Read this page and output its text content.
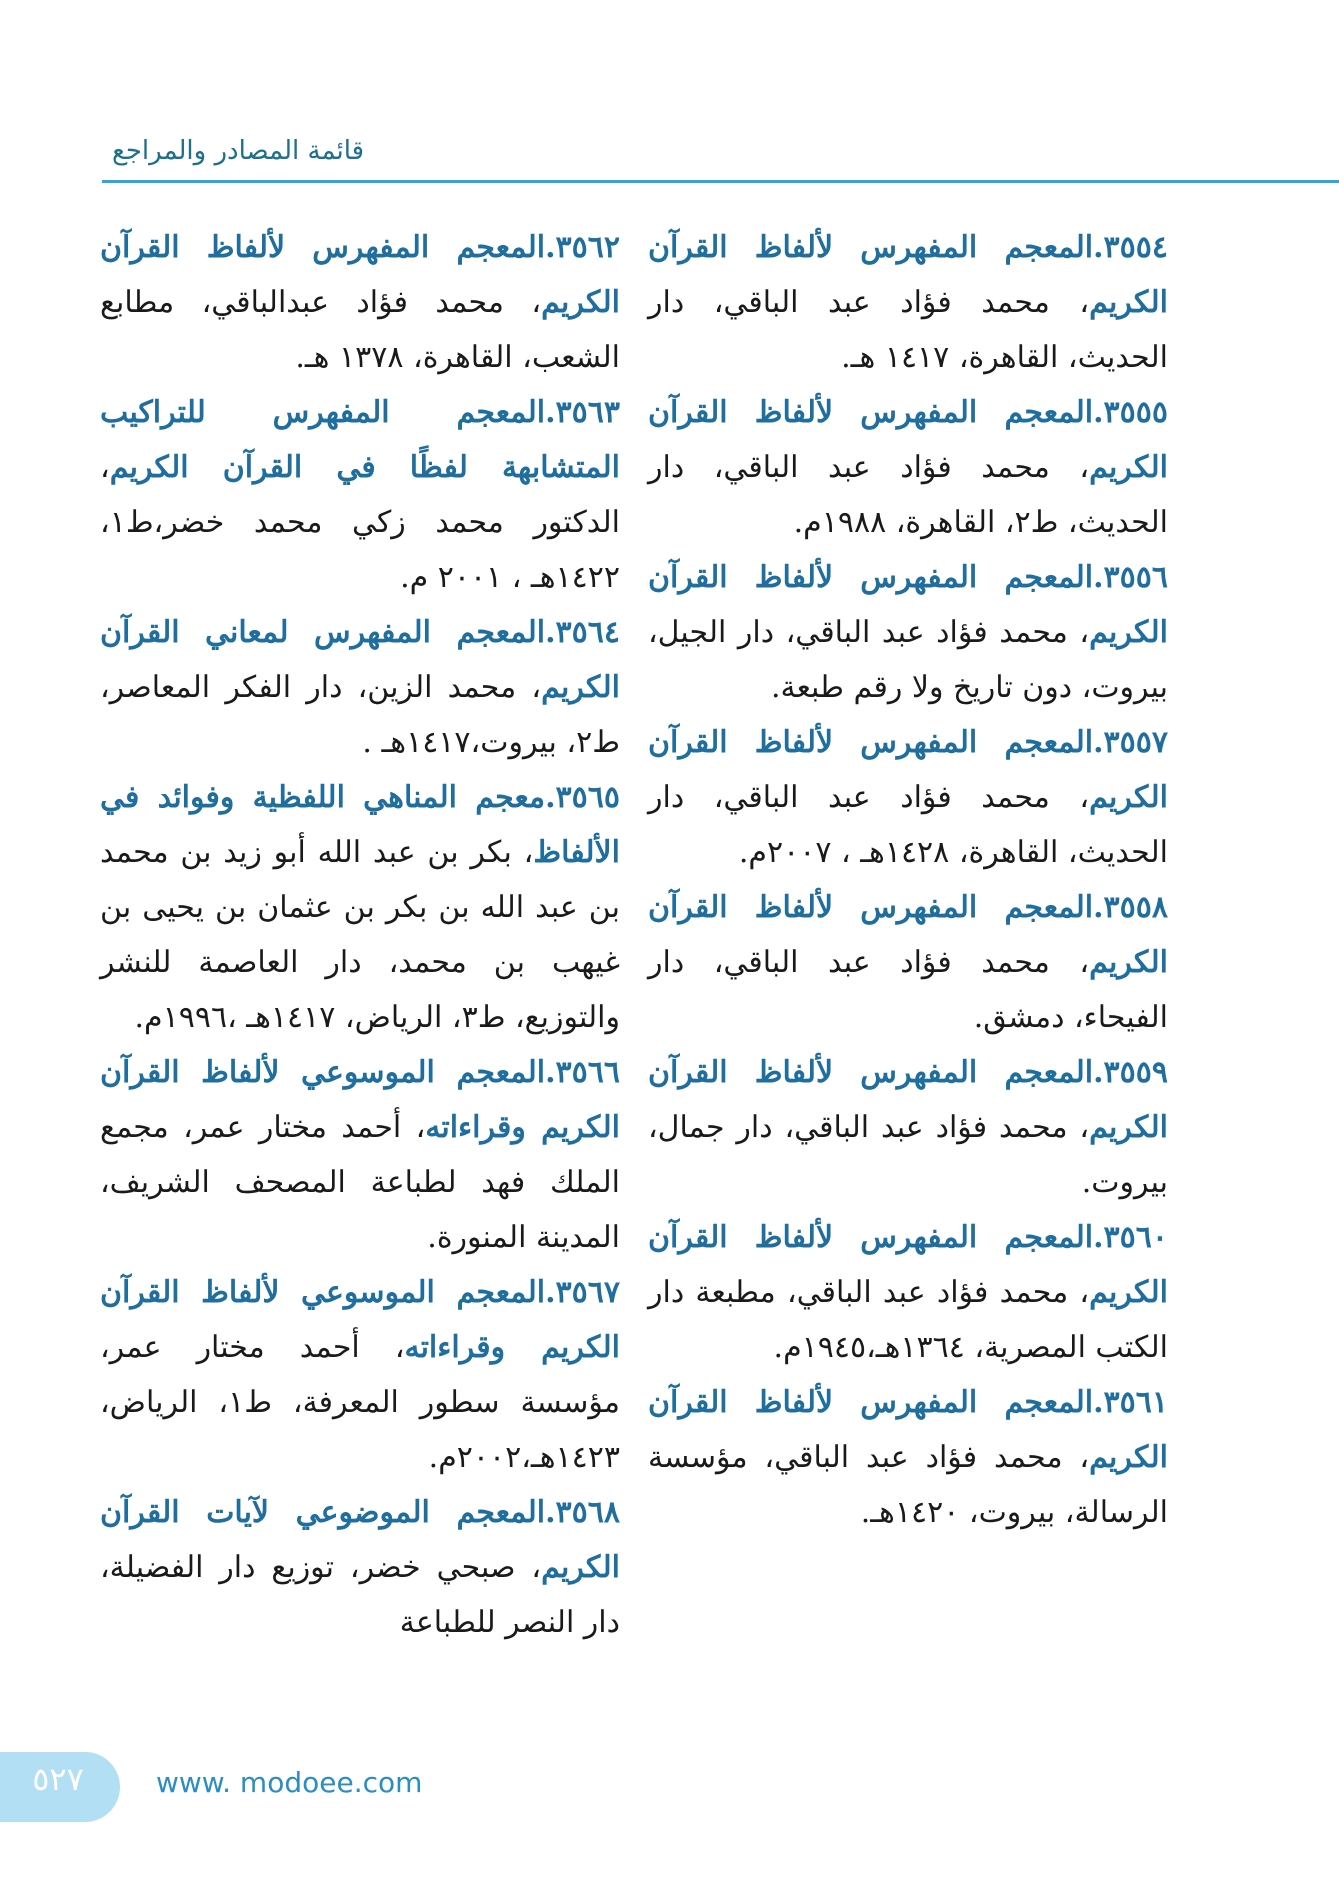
قائمة المصادر والمراجع
٣٥٥٤.المعجم المفهرس لألفاظ القرآن الكريم، محمد فؤاد عبد الباقي، دار الحديث، القاهرة، ١٤١٧ هـ.
٣٥٥٥.المعجم المفهرس لألفاظ القرآن الكريم، محمد فؤاد عبد الباقي، دار الحديث، ط٢، القاهرة، ١٩٨٨م.
٣٥٥٦.المعجم المفهرس لألفاظ القرآن الكريم، محمد فؤاد عبد الباقي، دار الجيل، بيروت، دون تاريخ ولا رقم طبعة.
٣٥٥٧.المعجم المفهرس لألفاظ القرآن الكريم، محمد فؤاد عبد الباقي، دار الحديث، القاهرة، ١٤٢٨هـ ، ٢٠٠٧م.
٣٥٥٨.المعجم المفهرس لألفاظ القرآن الكريم، محمد فؤاد عبد الباقي، دار الفيحاء، دمشق.
٣٥٥٩.المعجم المفهرس لألفاظ القرآن الكريم، محمد فؤاد عبد الباقي، دار جمال، بيروت.
٣٥٦٠.المعجم المفهرس لألفاظ القرآن الكريم، محمد فؤاد عبد الباقي، مطبعة دار الكتب المصرية، ١٣٦٤هـ،١٩٤٥م.
٣٥٦١.المعجم المفهرس لألفاظ القرآن الكريم، محمد فؤاد عبد الباقي، مؤسسة الرسالة، بيروت، ١٤٢٠هـ.
٣٥٦٢.المعجم المفهرس لألفاظ القرآن الكريم، محمد فؤاد عبدالباقي، مطابع الشعب، القاهرة، ١٣٧٨ هـ.
٣٥٦٣.المعجم المفهرس للتراكيب المتشابهة لفظًا في القرآن الكريم، الدكتور محمد زكي محمد خضر،ط١، ١٤٢٢هـ ، ٢٠٠١ م.
٣٥٦٤.المعجم المفهرس لمعاني القرآن الكريم، محمد الزين، دار الفكر المعاصر، ط٢، بيروت،١٤١٧هـ .
٣٥٦٥.معجم المناهي اللفظية وفوائد في الألفاظ، بكر بن عبد الله أبو زيد بن محمد بن عبد الله بن بكر بن عثمان بن يحيى بن غيهب بن محمد، دار العاصمة للنشر والتوزيع، ط٣، الرياض، ١٤١٧هـ ،١٩٩٦م.
٣٥٦٦.المعجم الموسوعي لألفاظ القرآن الكريم وقراءاته، أحمد مختار عمر، مجمع الملك فهد لطباعة المصحف الشريف، المدينة المنورة.
٣٥٦٧.المعجم الموسوعي لألفاظ القرآن الكريم وقراءاته، أحمد مختار عمر، مؤسسة سطور المعرفة، ط١، الرياض، ١٤٢٣هـ،٢٠٠٢م.
٣٥٦٨.المعجم الموضوعي لآيات القرآن الكريم، صبحي خضر، توزيع دار الفضيلة، دار النصر للطباعة
٥٢٧	www. modoee.com
